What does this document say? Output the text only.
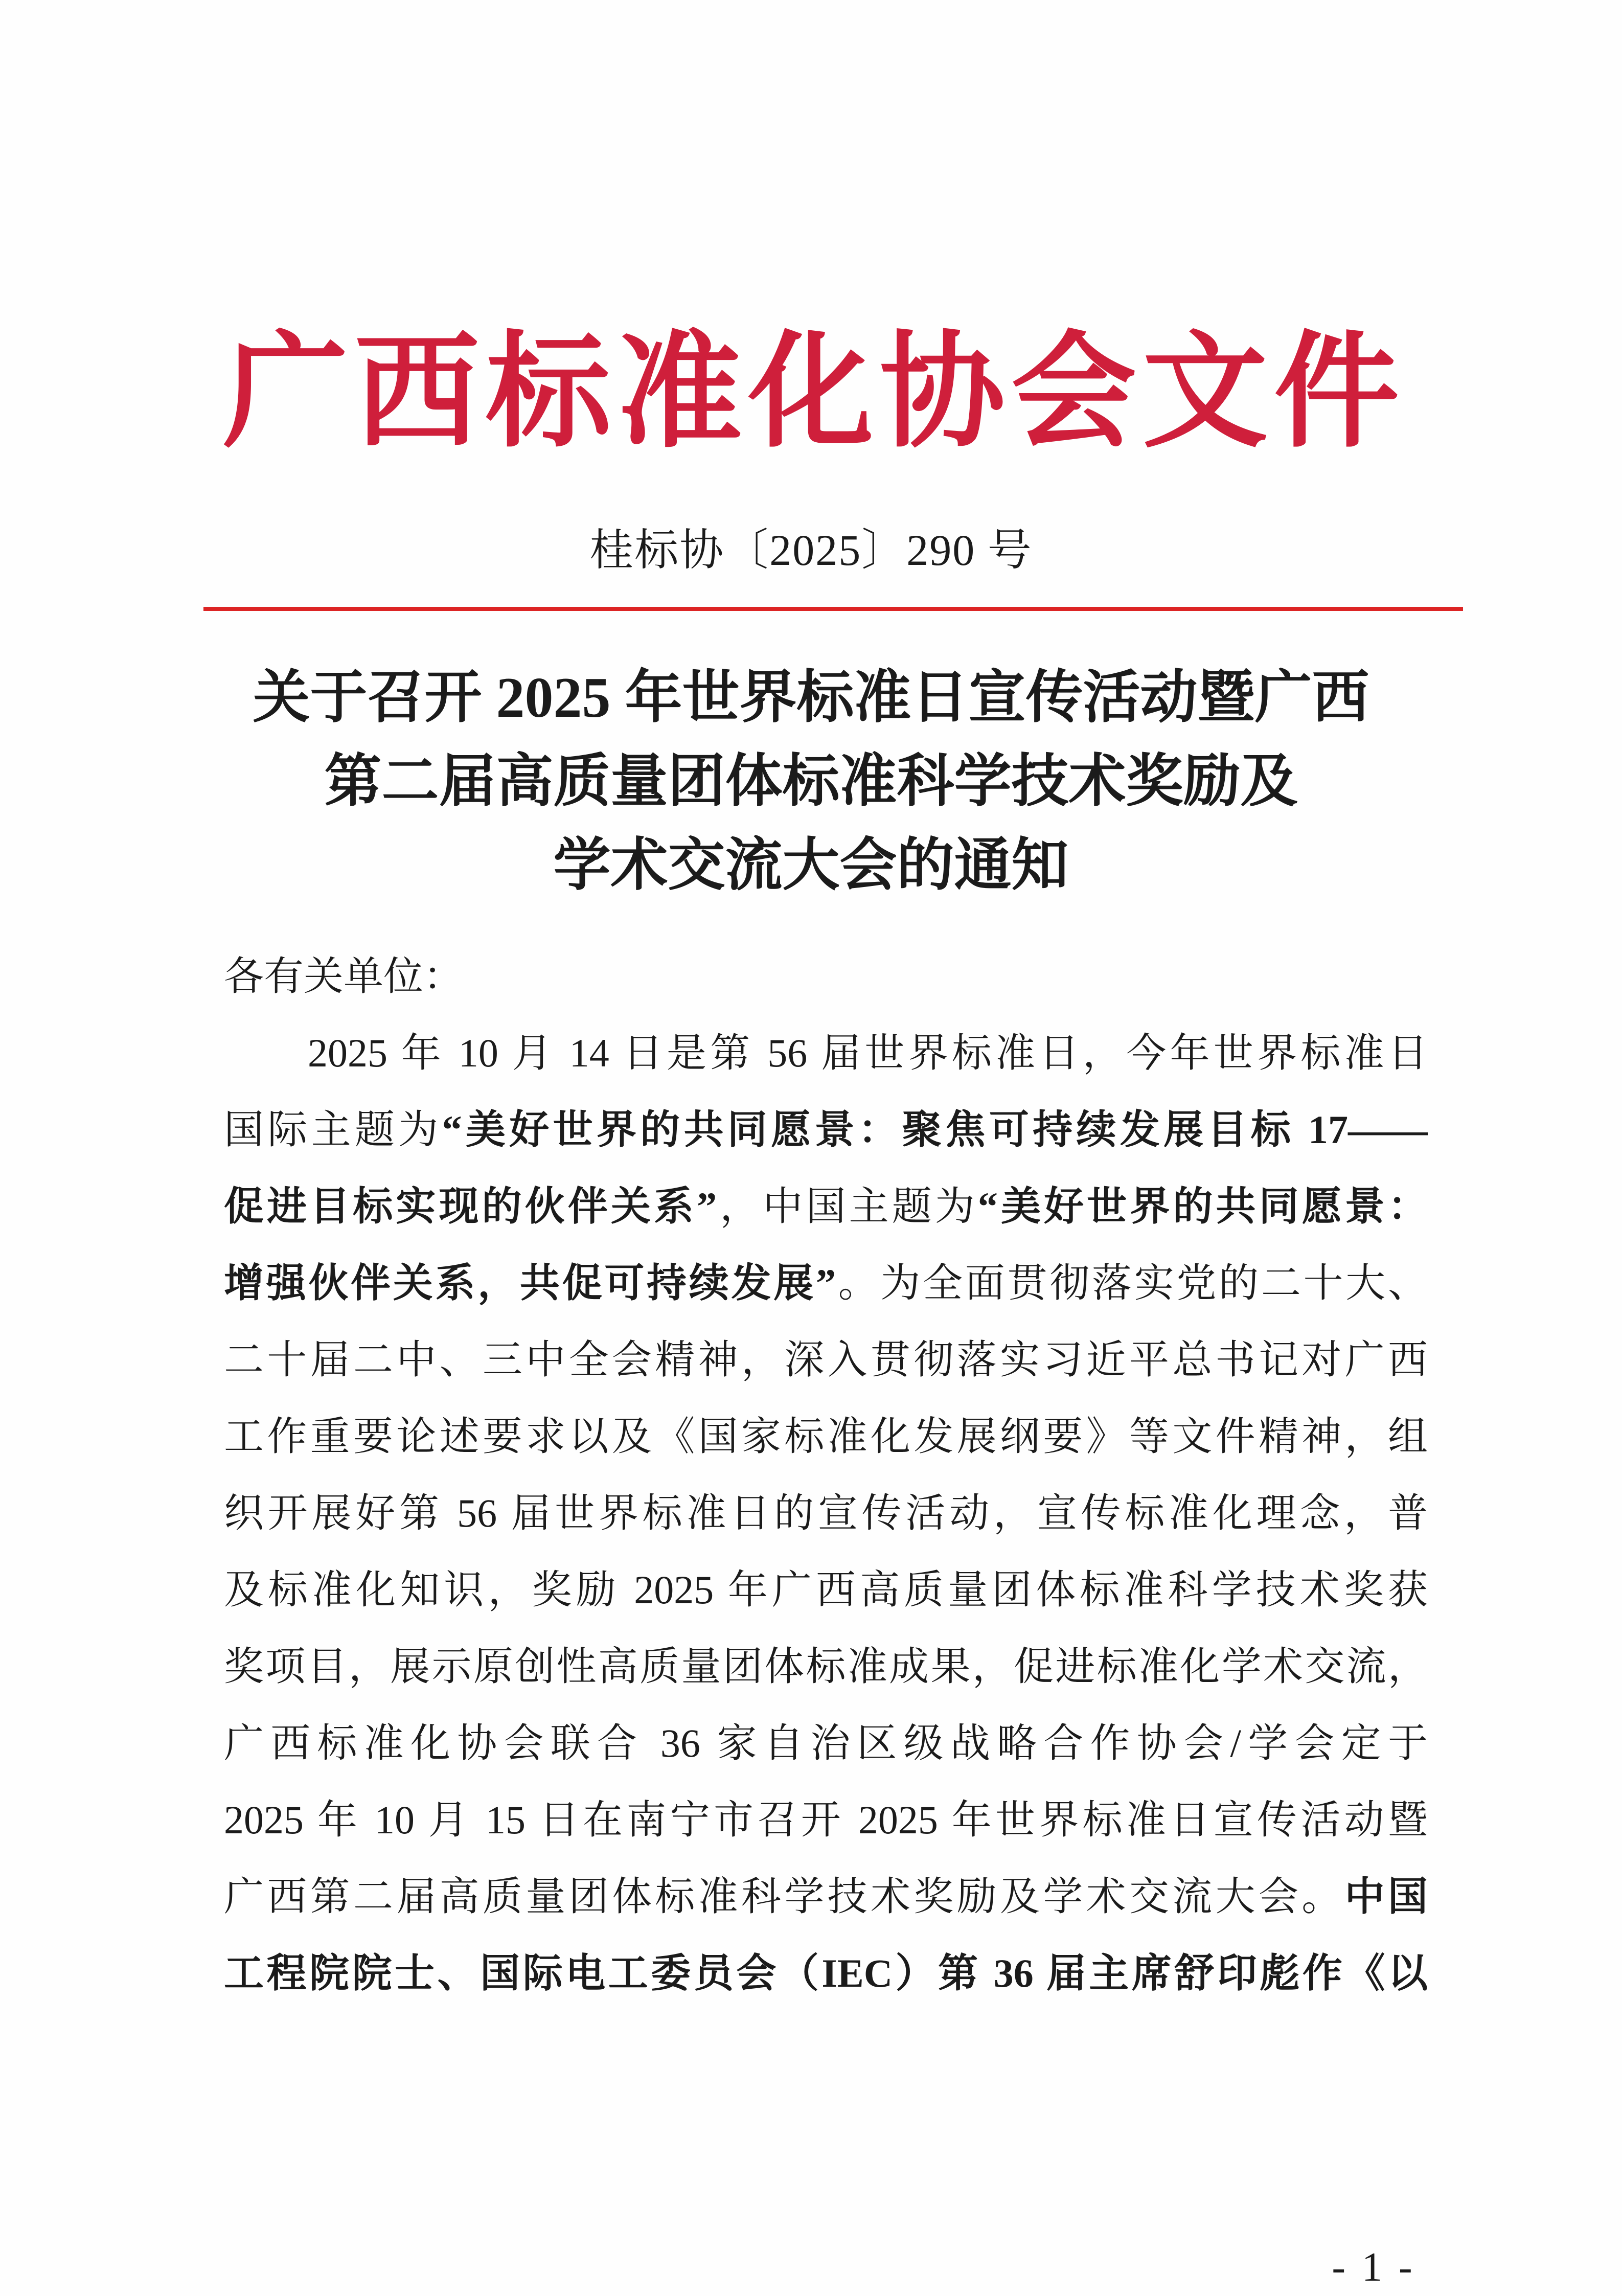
广西标准化协会文件
桂标协〔2025〕290 号
关于召开 2025 年世界标准日宣传活动暨广西
第二届高质量团体标准科学技术奖励及
学术交流大会的通知
各有关单位：
2025 年 10 月 14 日是第 56 届世界标准日，今年世界标准日
国际主题为“美好世界的共同愿景：聚焦可持续发展目标 17——
促进目标实现的伙伴关系”，中国主题为“美好世界的共同愿景：
增强伙伴关系，共促可持续发展”。为全面贯彻落实党的二十大、
二十届二中、三中全会精神，深入贯彻落实习近平总书记对广西
工作重要论述要求以及《国家标准化发展纲要》等文件精神，组
织开展好第 56 届世界标准日的宣传活动，宣传标准化理念，普
及标准化知识，奖励 2025 年广西高质量团体标准科学技术奖获
奖项目，展示原创性高质量团体标准成果，促进标准化学术交流，
广西标准化协会联合 36 家自治区级战略合作协会/学会定于
2025 年 10 月 15 日在南宁市召开 2025 年世界标准日宣传活动暨
广西第二届高质量团体标准科学技术奖励及学术交流大会。中国
工程院院士、国际电工委员会（IEC）第 36 届主席舒印彪作《以
- 1 -
